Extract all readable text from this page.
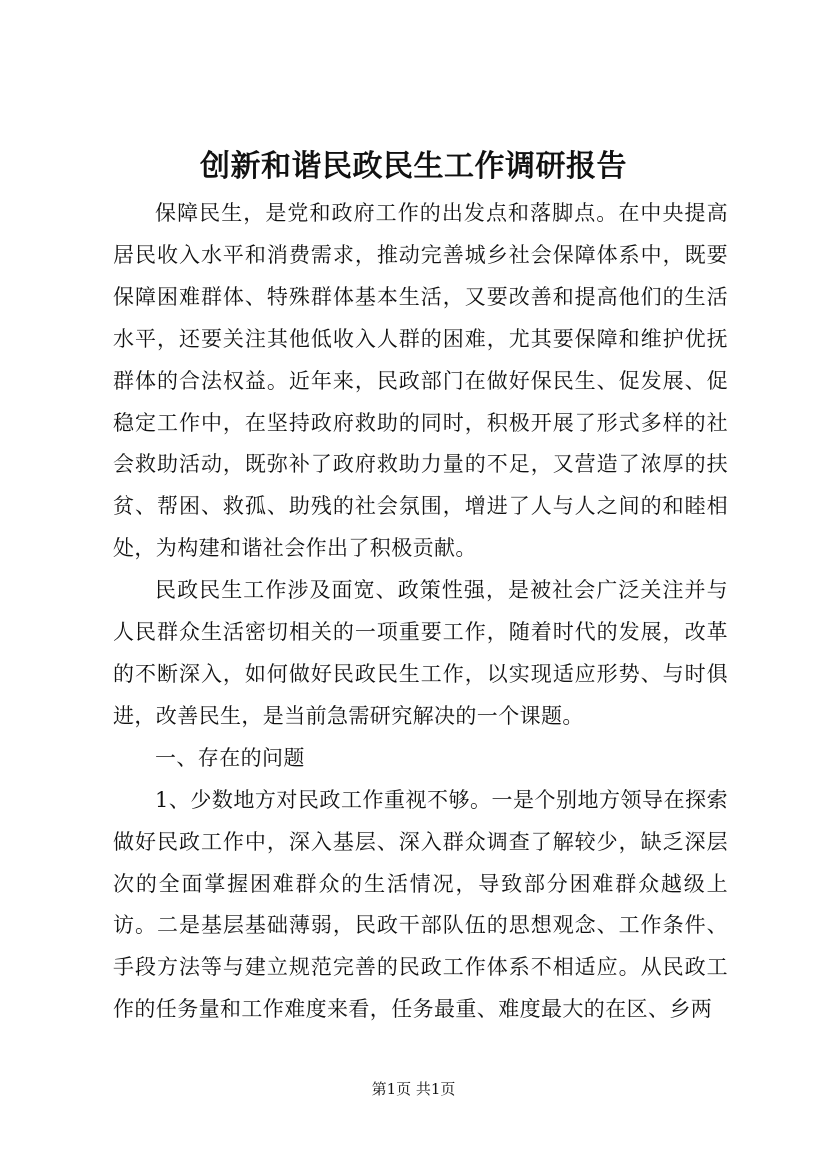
创新和谐民政民生工作调研报告

保障民生，是党和政府工作的出发点和落脚点。在中央提高居民收入水平和消费需求，推动完善城乡社会保障体系中，既要保障困难群体、特殊群体基本生活，又要改善和提高他们的生活水平，还要关注其他低收入人群的困难，尤其要保障和维护优抚群体的合法权益。近年来，民政部门在做好保民生、促发展、促稳定工作中，在坚持政府救助的同时，积极开展了形式多样的社会救助活动，既弥补了政府救助力量的不足，又营造了浓厚的扶贫、帮困、救孤、助残的社会氛围，增进了人与人之间的和睦相处，为构建和谐社会作出了积极贡献。

民政民生工作涉及面宽、政策性强，是被社会广泛关注并与人民群众生活密切相关的一项重要工作，随着时代的发展，改革的不断深入，如何做好民政民生工作，以实现适应形势、与时俱进，改善民生，是当前急需研究解决的一个课题。

一、存在的问题

1、少数地方对民政工作重视不够。一是个别地方领导在探索做好民政工作中，深入基层、深入群众调查了解较少，缺乏深层次的全面掌握困难群众的生活情况，导致部分困难群众越级上访。二是基层基础薄弱，民政干部队伍的思想观念、工作条件、手段方法等与建立规范完善的民政工作体系不相适应。从民政工作的任务量和工作难度来看，任务最重、难度最大的在区、乡两

第1页 共1页
